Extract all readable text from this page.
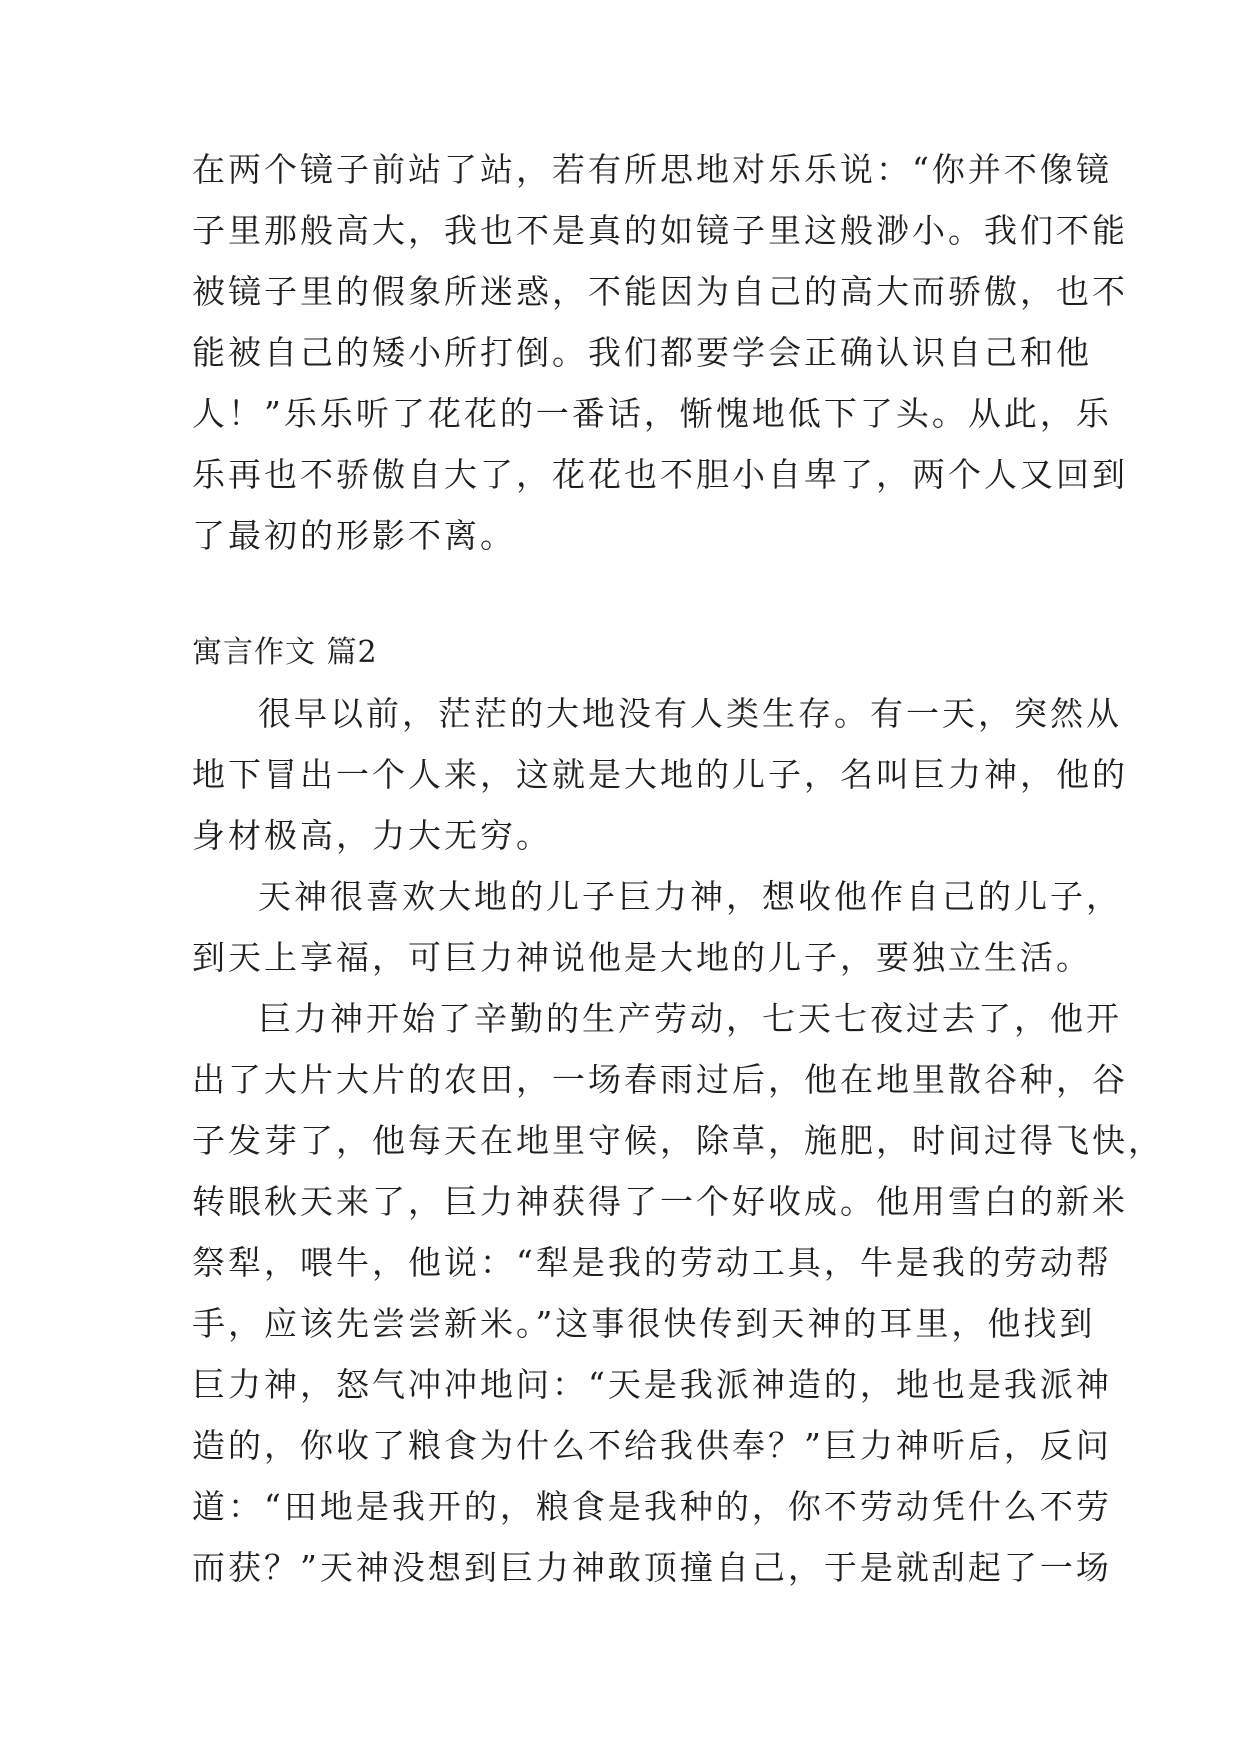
在两个镜子前站了站，若有所思地对乐乐说：“你并不像镜
子里那般高大，我也不是真的如镜子里这般渺小。我们不能
被镜子里的假象所迷惑，不能因为自己的高大而骄傲，也不
能被自己的矮小所打倒。我们都要学会正确认识自己和他
人！”乐乐听了花花的一番话，惭愧地低下了头。从此，乐
乐再也不骄傲自大了，花花也不胆小自卑了，两个人又回到
了最初的形影不离。
寓言作文 篇2
很早以前，茫茫的大地没有人类生存。有一天，突然从
地下冒出一个人来，这就是大地的儿子，名叫巨力神，他的
身材极高，力大无穷。
天神很喜欢大地的儿子巨力神，想收他作自己的儿子，
到天上享福，可巨力神说他是大地的儿子，要独立生活。
巨力神开始了辛勤的生产劳动，七天七夜过去了，他开
出了大片大片的农田，一场春雨过后，他在地里散谷种，谷
子发芽了，他每天在地里守候，除草，施肥，时间过得飞快，
转眼秋天来了，巨力神获得了一个好收成。他用雪白的新米
祭犁，喂牛，他说：“犁是我的劳动工具，牛是我的劳动帮
手，应该先尝尝新米。”这事很快传到天神的耳里，他找到
巨力神，怒气冲冲地问：“天是我派神造的，地也是我派神
造的，你收了粮食为什么不给我供奉？”巨力神听后，反问
道：“田地是我开的，粮食是我种的，你不劳动凭什么不劳
而获？”天神没想到巨力神敢顶撞自己，于是就刮起了一场
